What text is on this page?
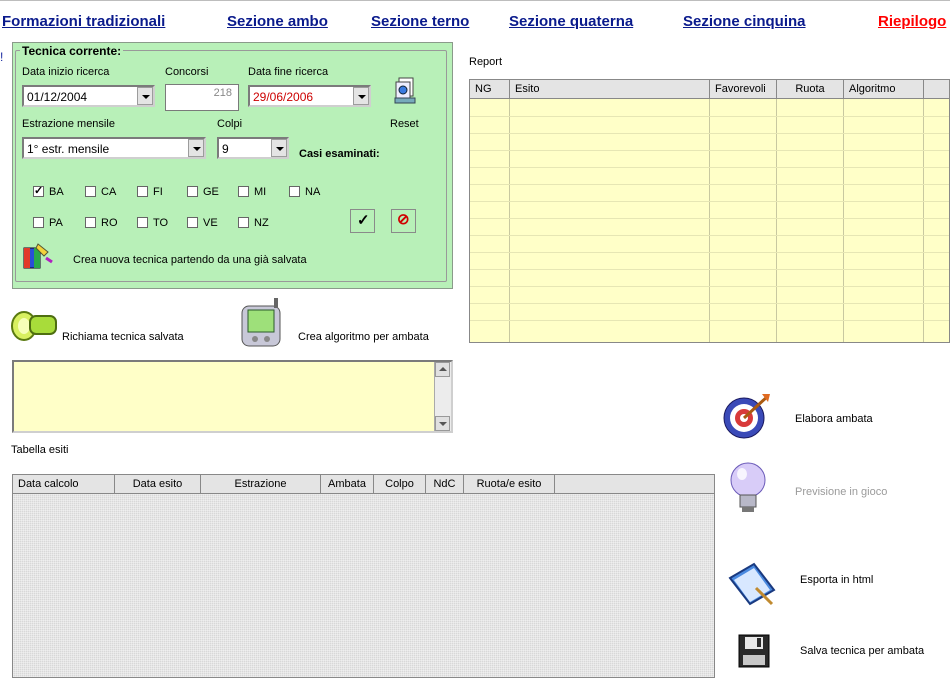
Formazioni tradizionali	Sezione ambo	Sezione terno	Sezione quaterna	Sezione cinquina	Riepilogo
! Tecnica corrente:
Data inizio ricerca
01/12/2004
Concorsi
218
Data fine ricerca
29/06/2006
Reset
Estrazione mensile
1° estr. mensile
Colpi
9	Casi esaminati:
✓
BA	CA	FI	GE	MI	NA
PA	RO	TO	VE	NZ	✓ ⊘
Crea nuova tecnica partendo da una già salvata
Richiama tecnica salvata	Crea algoritmo per ambata
Report
NG	Esito	Favorevoli	Ruota	Algoritmo
Tabella esiti
Data calcolo	Data esito	Estrazione	Ambata	Colpo	NdC	Ruota/e esito
Elabora ambata
Previsione in gioco
Esporta in html
Salva tecnica per ambata
